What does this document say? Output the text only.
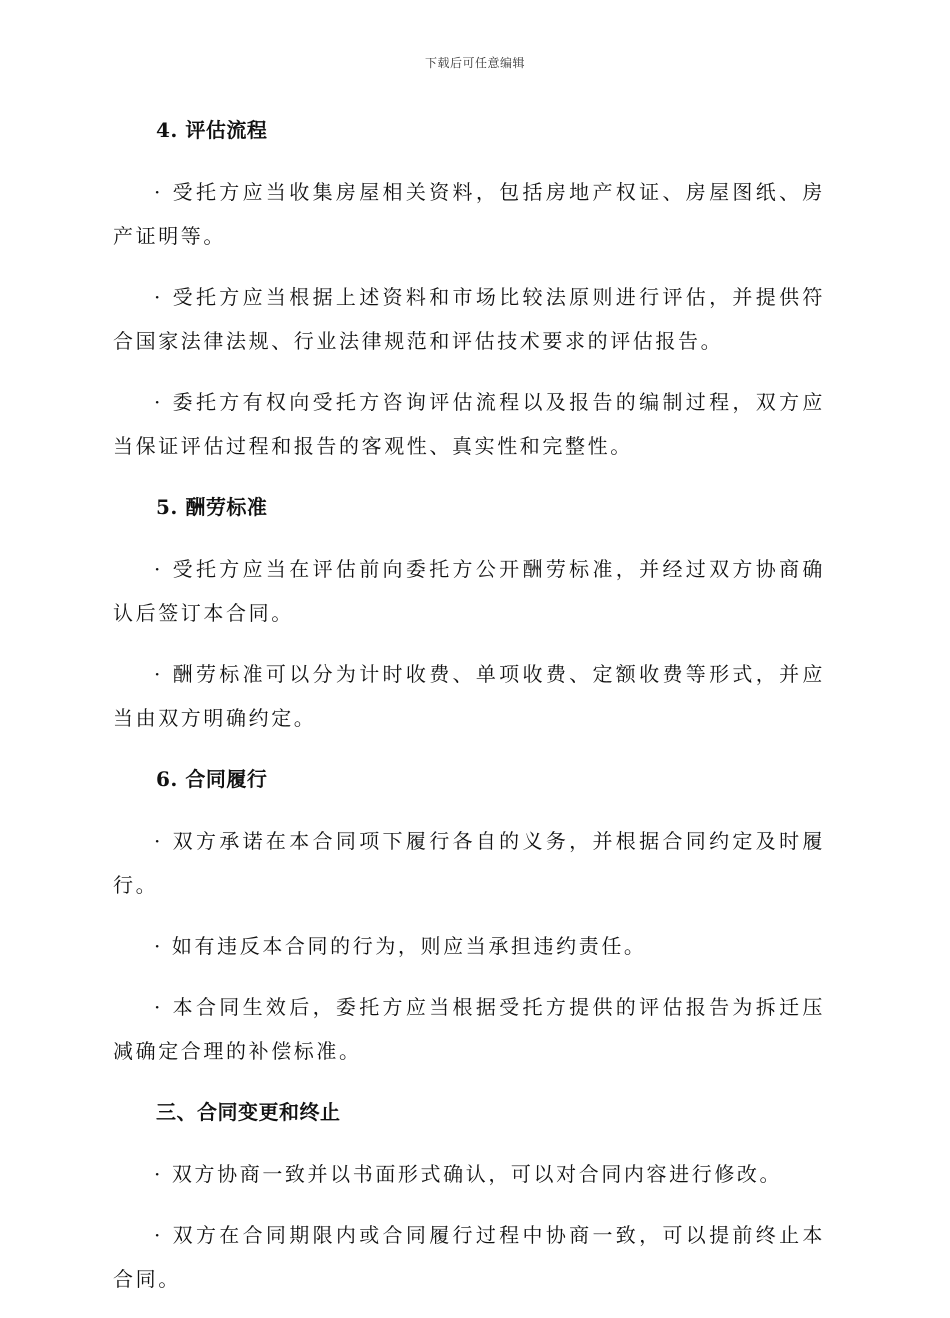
下载后可任意编辑
4. 评估流程

· 受托方应当收集房屋相关资料，包括房地产权证、房屋图纸、房产证明等。

· 受托方应当根据上述资料和市场比较法原则进行评估，并提供符合国家法律法规、行业法律规范和评估技术要求的评估报告。

· 委托方有权向受托方咨询评估流程以及报告的编制过程，双方应当保证评估过程和报告的客观性、真实性和完整性。

5. 酬劳标准

· 受托方应当在评估前向委托方公开酬劳标准，并经过双方协商确认后签订本合同。

· 酬劳标准可以分为计时收费、单项收费、定额收费等形式，并应当由双方明确约定。

6. 合同履行

· 双方承诺在本合同项下履行各自的义务，并根据合同约定及时履行。

· 如有违反本合同的行为，则应当承担违约责任。

· 本合同生效后，委托方应当根据受托方提供的评估报告为拆迁压减确定合理的补偿标准。

三、合同变更和终止

· 双方协商一致并以书面形式确认，可以对合同内容进行修改。

· 双方在合同期限内或合同履行过程中协商一致，可以提前终止本合同。
